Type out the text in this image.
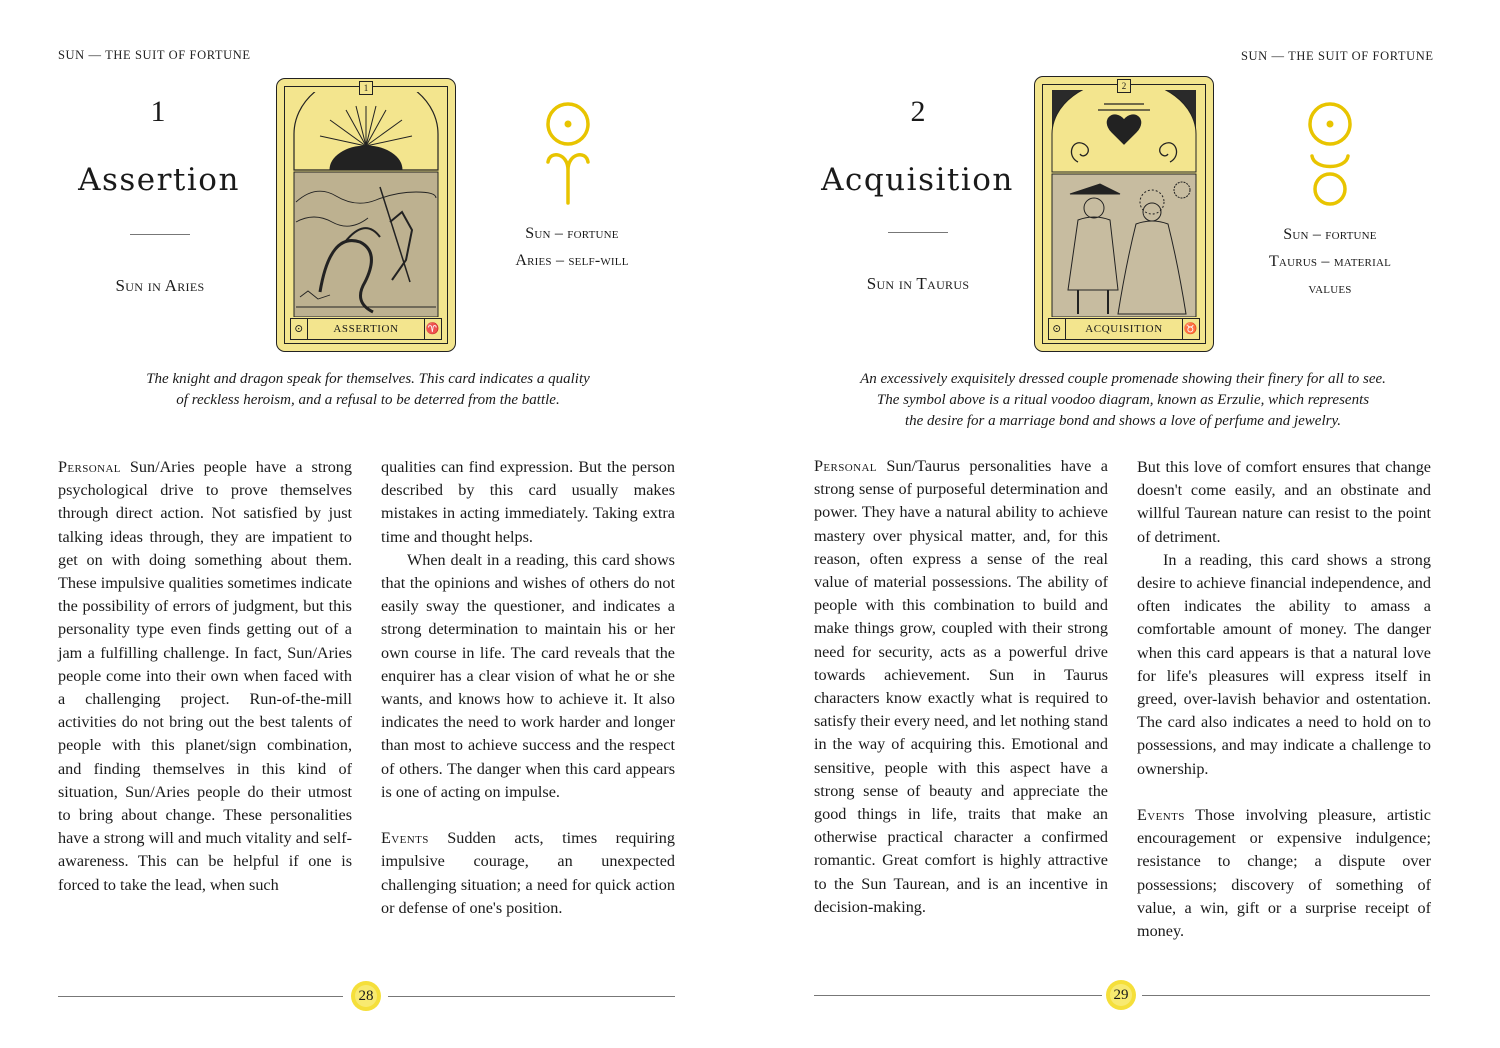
SUN — THE SUIT OF FORTUNE
1
Assertion
Sun in Aries
1
⊙	ASSERTION ♈
Sun – fortune
Aries – self-will
The knight and dragon speak for themselves. This card indicates a quality
of reckless heroism, and a refusal to be deterred from the battle.

Personal Sun/Aries people have a strong psychological drive to prove themselves through direct action. Not satisfied by just talking ideas through, they are impatient to get on with doing something about them. These impulsive qualities sometimes indicate the possibility of errors of judgment, but this personality type even finds getting out of a jam a fulfilling challenge. In fact, Sun/Aries people come into their own when faced with a challenging project. Run-of-the-mill activities do not bring out the best talents of people with this planet/sign combination, and finding themselves in this kind of situation, Sun/Aries people do their utmost to bring about change. These personalities have a strong will and much vitality and self-awareness. This can be helpful if one is forced to take the lead, when such

qualities can find expression. But the person described by this card usually makes mistakes in acting immediately. Taking extra time and thought helps.

When dealt in a reading, this card shows that the opinions and wishes of others do not easily sway the questioner, and indicates a strong determination to maintain his or her own course in life. The card reveals that the enquirer has a clear vision of what he or she wants, and knows how to achieve it. It also indicates the need to work harder and longer than most to achieve success and the respect of others. The danger when this card appears is one of acting on impulse.

Events Sudden acts, times requiring impulsive courage, an unexpected challenging situation; a need for quick action or defense of one's position.

28
SUN — THE SUIT OF FORTUNE
2
Acquisition
Sun in Taurus
2
⊙	ACQUISITION ♉
Sun – fortune
Taurus – material
values
An excessively exquisitely dressed couple promenade showing their finery for all to see.
The symbol above is a ritual voodoo diagram, known as Erzulie, which represents
the desire for a marriage bond and shows a love of perfume and jewelry.

Personal Sun/Taurus personalities have a strong sense of purposeful determination and power. They have a natural ability to achieve mastery over physical matter, and, for this reason, often express a sense of the real value of material possessions. The ability of people with this combination to build and make things grow, coupled with their strong need for security, acts as a powerful drive towards achievement. Sun in Taurus characters know exactly what is required to satisfy their every need, and let nothing stand in the way of acquiring this. Emotional and sensitive, people with this aspect have a strong sense of beauty and appreciate the good things in life, traits that make an otherwise practical character a confirmed romantic. Great comfort is highly attractive to the Sun Taurean, and is an incentive in decision-making.

But this love of comfort ensures that change doesn't come easily, and an obstinate and willful Taurean nature can resist to the point of detriment.

In a reading, this card shows a strong desire to achieve financial independence, and often indicates the ability to amass a comfortable amount of money. The danger when this card appears is that a natural love for life's pleasures will express itself in greed, over-lavish behavior and ostentation. The card also indicates a need to hold on to possessions, and may indicate a challenge to ownership.

Events Those involving pleasure, artistic encouragement or expensive indulgence; resistance to change; a dispute over possessions; discovery of something of value, a win, gift or a surprise receipt of money.

29
